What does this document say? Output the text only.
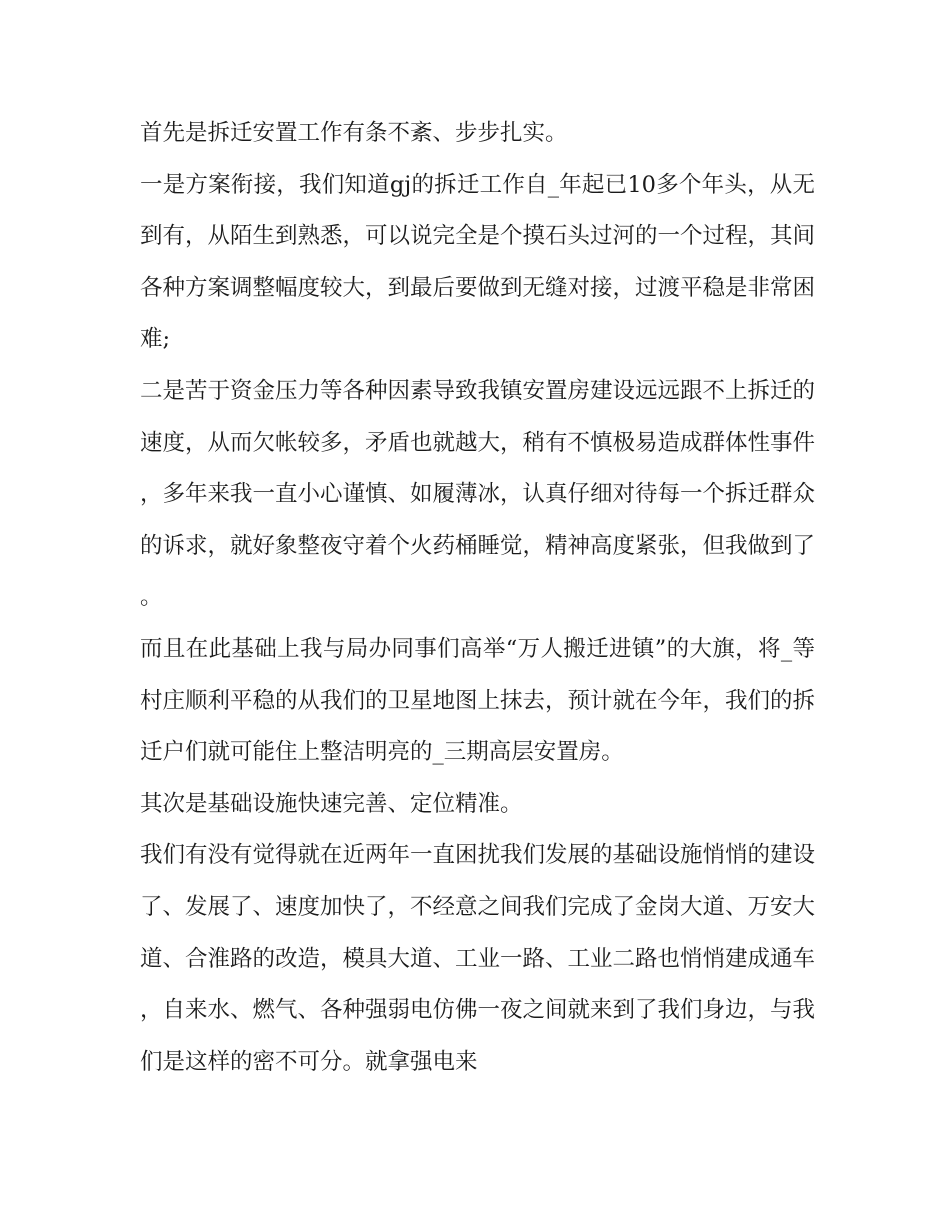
首先是拆迁安置工作有条不紊、步步扎实。

一是方案衔接，我们知道gj的拆迁工作自_年起已10多个年头，从无到有，从陌生到熟悉，可以说完全是个摸石头过河的一个过程，其间各种方案调整幅度较大，到最后要做到无缝对接，过渡平稳是非常困难;

二是苦于资金压力等各种因素导致我镇安置房建设远远跟不上拆迁的速度，从而欠帐较多，矛盾也就越大，稍有不慎极易造成群体性事件，多年来我一直小心谨慎、如履薄冰，认真仔细对待每一个拆迁群众的诉求，就好象整夜守着个火药桶睡觉，精神高度紧张，但我做到了。

而且在此基础上我与局办同事们高举“万人搬迁进镇”的大旗，将_等村庄顺利平稳的从我们的卫星地图上抹去，预计就在今年，我们的拆迁户们就可能住上整洁明亮的_三期高层安置房。

其次是基础设施快速完善、定位精准。

我们有没有觉得就在近两年一直困扰我们发展的基础设施悄悄的建设了、发展了、速度加快了，不经意之间我们完成了金岗大道、万安大道、合淮路的改造，模具大道、工业一路、工业二路也悄悄建成通车，自来水、燃气、各种强弱电仿佛一夜之间就来到了我们身边，与我们是这样的密不可分。就拿强电来
